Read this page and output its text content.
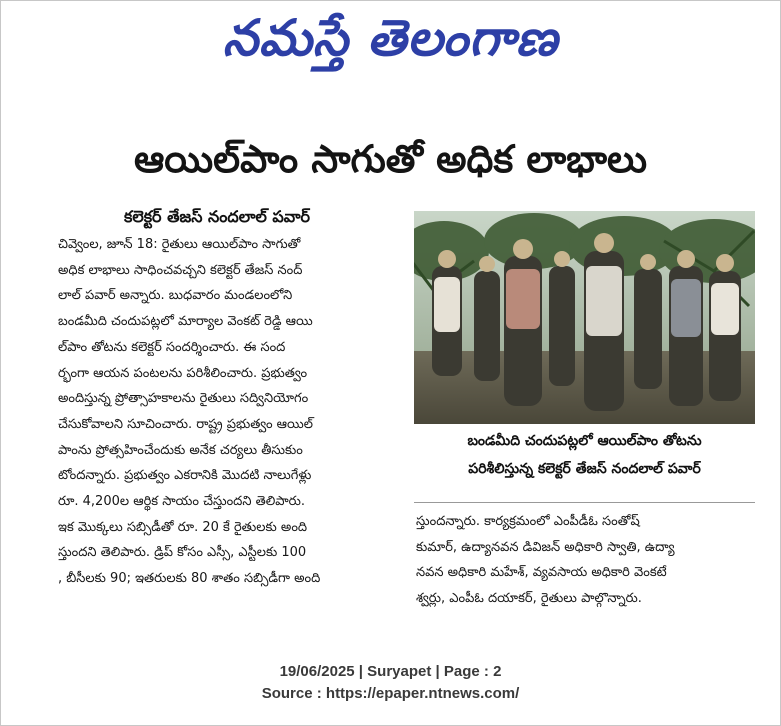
నమస్తే తెలంగాణ
ఆయిల్‌పాం సాగుతో అధిక లాభాలు
కలెక్టర్ తేజస్ నందలాల్ పవార్
చివ్వెంల, జూన్ 18: రైతులు ఆయిల్‌పాం సాగుతో
అధిక లాభాలు సాధించవచ్చని కలెక్టర్ తేజస్ నంద్
లాల్ పవార్ అన్నారు. బుధవారం మండలంలోని
బండమీది చందుపట్లలో మార్యాల వెంకట్ రెడ్డి ఆయి
ల్‌పాం తోటను కలెక్టర్ సందర్శించారు. ఈ సంద
ర్భంగా ఆయన పంటలను పరిశీలించారు. ప్రభుత్వం
అందిస్తున్న ప్రోత్సాహకాలను రైతులు సద్వినియోగం
చేసుకోవాలని సూచించారు. రాష్ట్ర ప్రభుత్వం ఆయిల్
పాంను ప్రోత్సహించేందుకు అనేక చర్యలు తీసుకుం
టోందన్నారు. ప్రభుత్వం ఎకరానికి మొదటి నాలుగేళ్లు
రూ. 4,200ల ఆర్థిక సాయం చేస్తుందని తెలిపారు.
ఇక మొక్కలు సబ్సిడీతో రూ. 20 కే రైతులకు అంది
స్తుందని తెలిపారు. డ్రిప్ కోసం ఎస్సీ, ఎస్టీలకు 100
, బీసీలకు 90; ఇతరులకు 80 శాతం సబ్సిడీగా అంది
బండమీది చందుపట్లలో ఆయిల్‌పాం తోటను
పరిశీలిస్తున్న కలెక్టర్ తేజస్ నందలాల్ పవార్
స్తుందన్నారు. కార్యక్రమంలో ఎంపీడీఓ సంతోష్
కుమార్, ఉద్యానవన డివిజన్ అధికారి స్వాతి, ఉద్యా
నవన అధికారి మహేశ్, వ్యవసాయ అధికారి వెంకటే
శ్వర్లు, ఎంపీఓ దయాకర్, రైతులు పాల్గొన్నారు.
19/06/2025 | Suryapet | Page : 2
Source : https://epaper.ntnews.com/
